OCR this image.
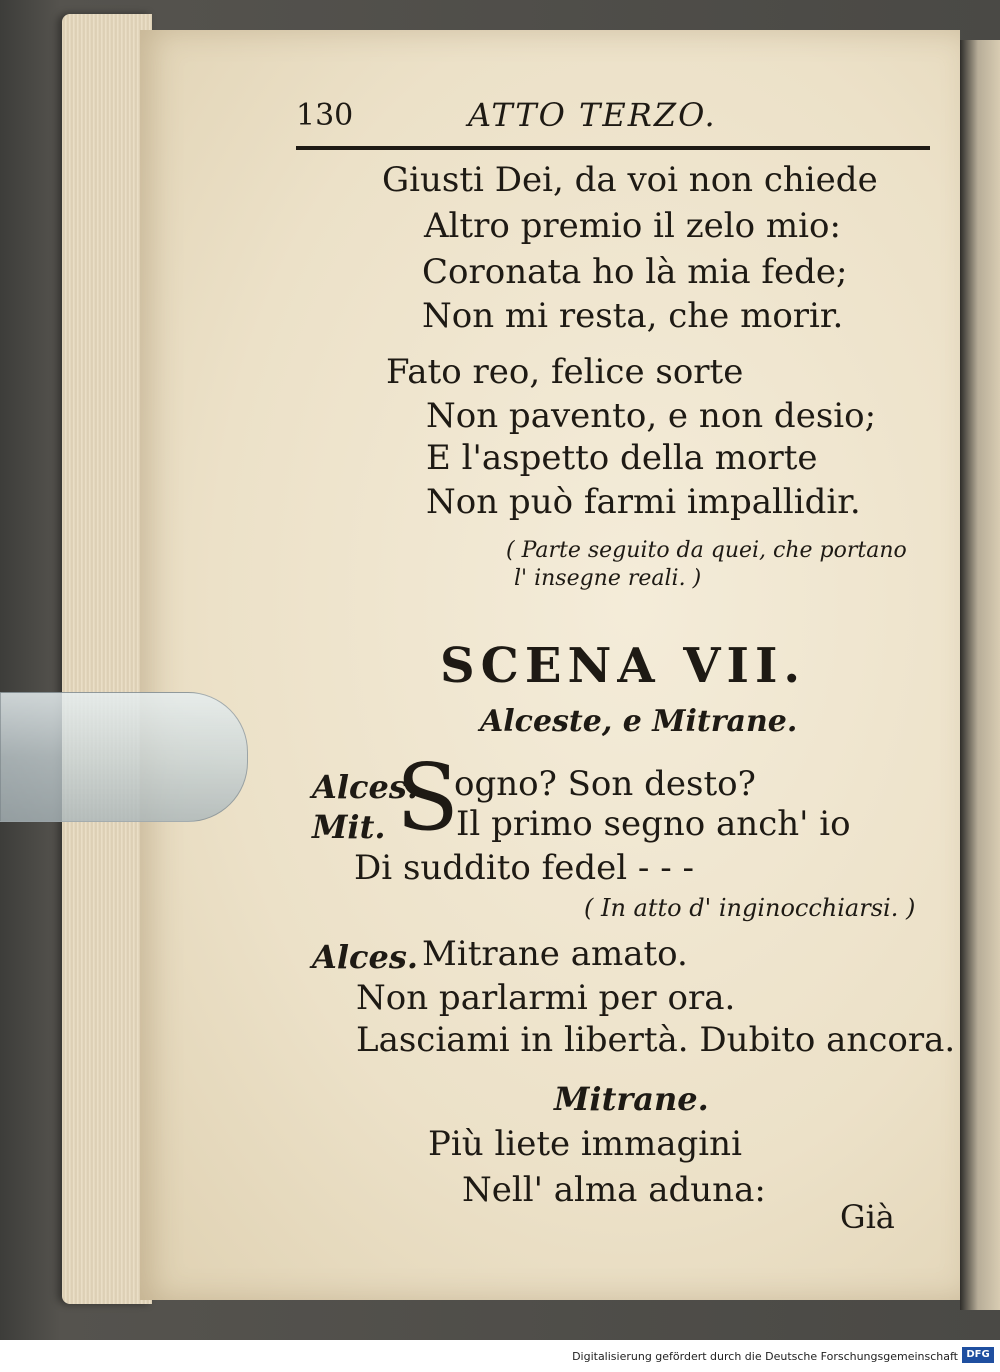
130	ATTO TERZO.
Giusti Dei, da voi non chiede
Altro premio il zelo mio:
Coronata ho là mia fede;
Non mi resta, che morir.
Fato reo, felice sorte
Non pavento, e non desio;
E l'aspetto della morte
Non può farmi impallidir.
( Parte seguito da quei, che portano
l' insegne reali. )
SCENA VII.
Alceste, e Mitrane.
Alces.
S
ogno? Son desto?
Mit. Il primo segno anch' io
Di suddito fedel - - -
( In atto d' inginocchiarsi. )
Alces. Mitrane amato.
Non parlarmi per ora.
Lasciami in libertà. Dubito ancora.
Mitrane.
Più liete immagini
Nell' alma aduna:
Già
Digitalisierung gefördert durch die Deutsche Forschungsgemeinschaft DFG
